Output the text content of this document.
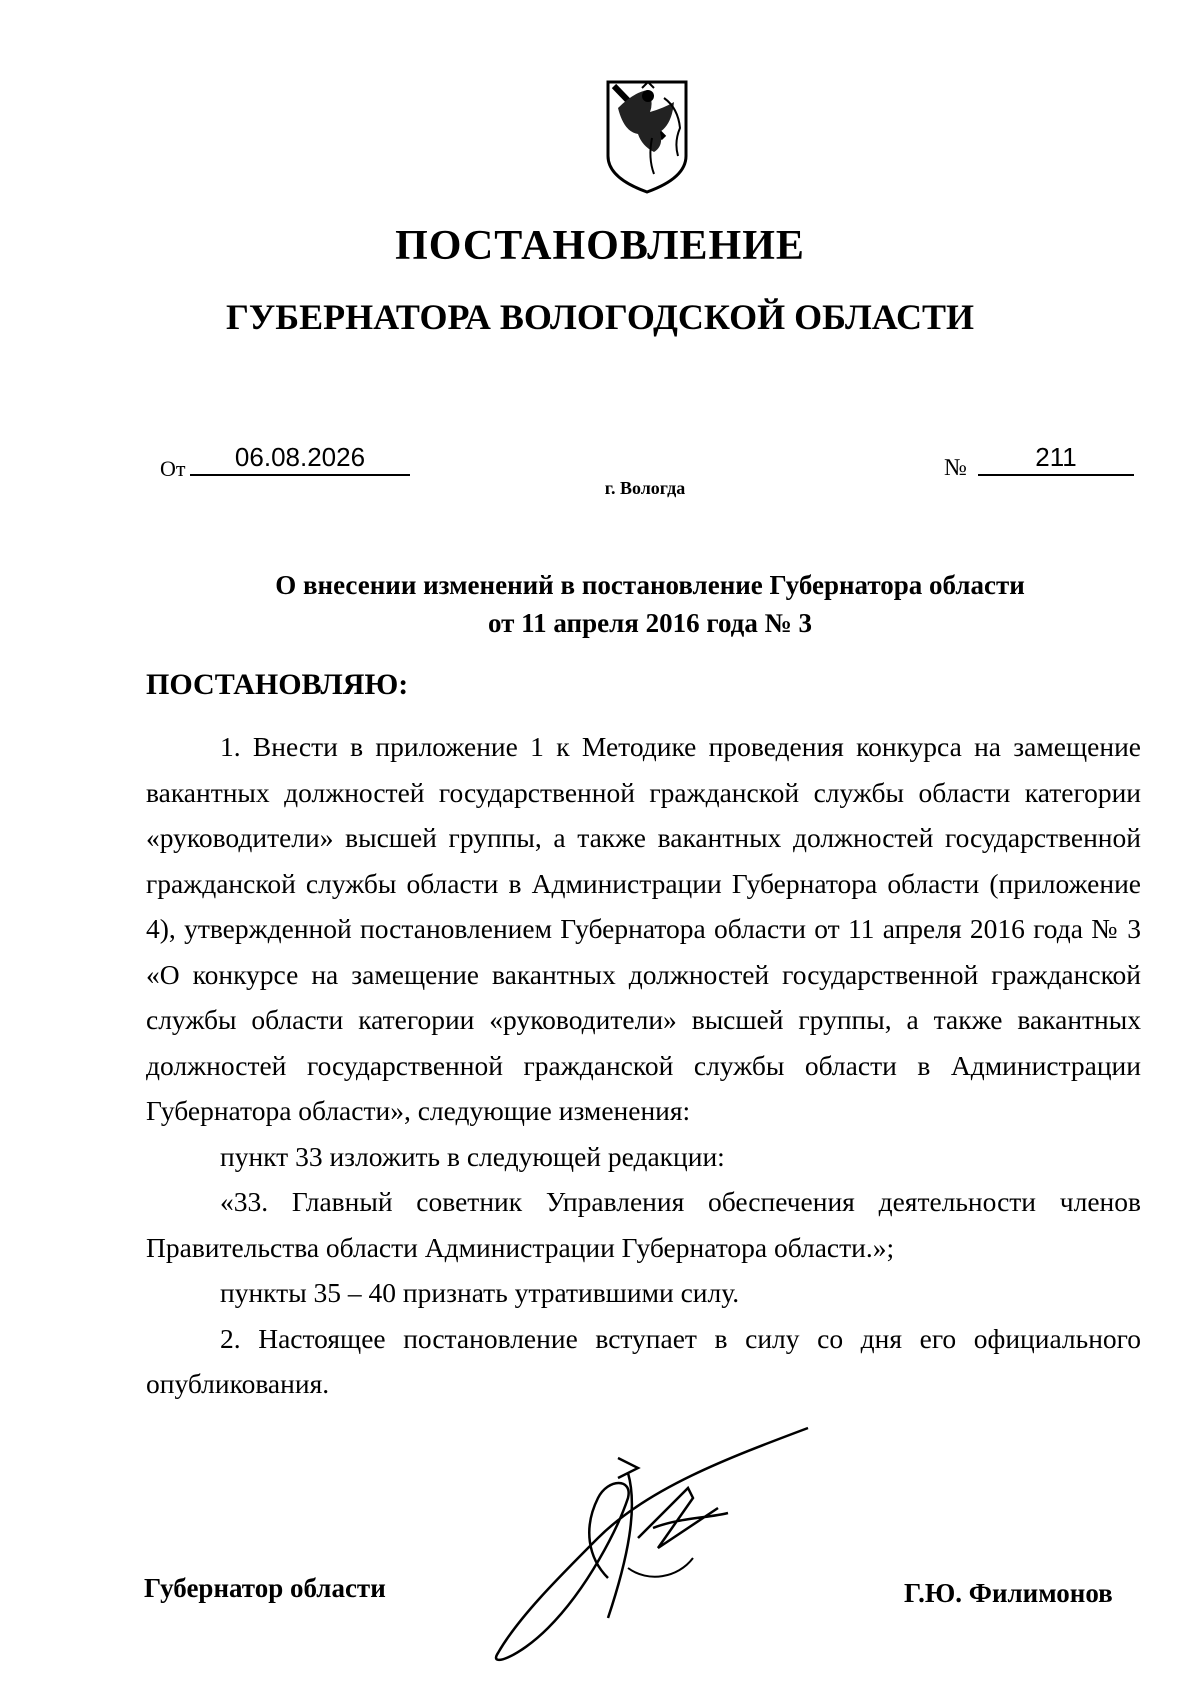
ПОСТАНОВЛЕНИЕ
ГУБЕРНАТОРА ВОЛОГОДСКОЙ ОБЛАСТИ
От	06.08.2026	№	211
г. Вологда
О внесении изменений в постановление Губернатора области
от 11 апреля 2016 года № 3
ПОСТАНОВЛЯЮ:

1. Внести в приложение 1 к Методике проведения конкурса на замещение вакантных должностей государственной гражданской службы области категории «руководители» высшей группы, а также вакантных должностей государственной гражданской службы области в Администрации Губернатора области (приложение 4), утвержденной постановлением Губернатора области от 11 апреля 2016 года № 3 «О конкурсе на замещение вакантных должностей государственной гражданской службы области категории «руководители» высшей группы, а также вакантных должностей государственной гражданской службы области в Администрации Губернатора области», следующие изменения:

пункт 33 изложить в следующей редакции:

«33. Главный советник Управления обеспечения деятельности членов Правительства области Администрации Губернатора области.»;

пункты 35 – 40 признать утратившими силу.

2. Настоящее постановление вступает в силу со дня его официального опубликования.

Губернатор области	Г.Ю. Филимонов
